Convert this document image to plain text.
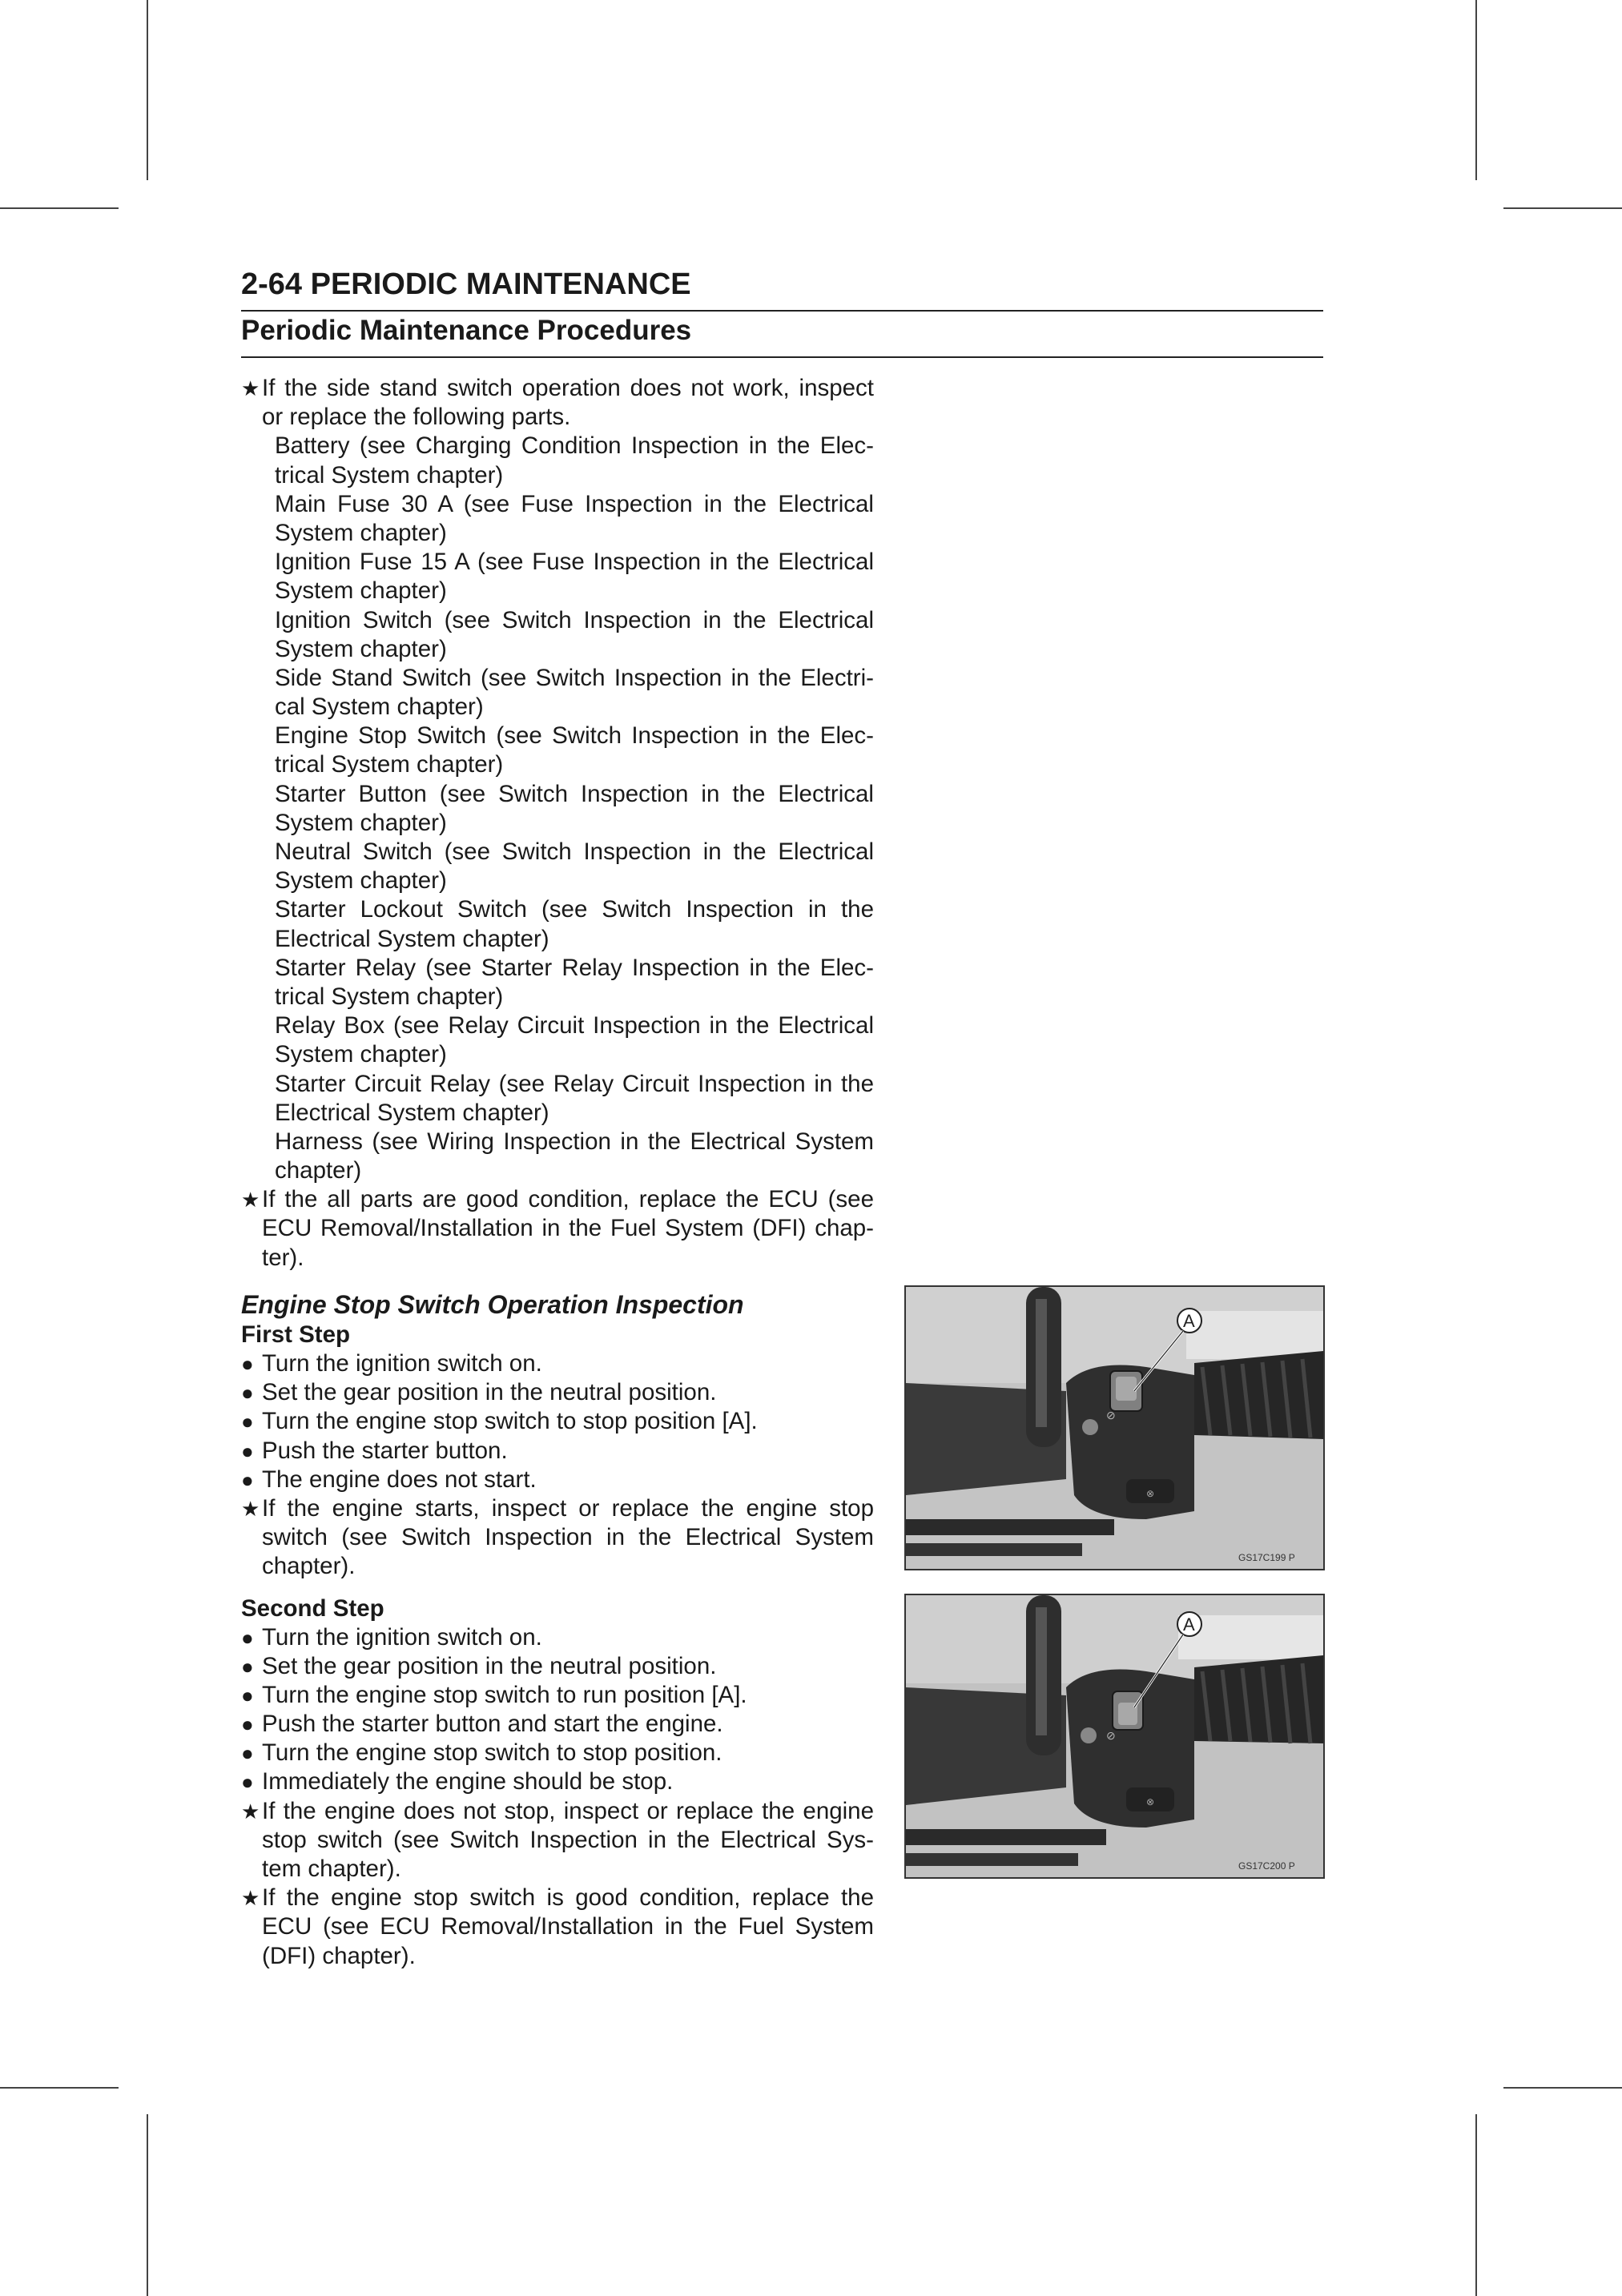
2-64 PERIODIC MAINTENANCE
Periodic Maintenance Procedures
★ If the side stand switch operation does not work, inspect
or replace the following parts.
Battery (see Charging Condition Inspection in the Elec-
trical System chapter)
Main Fuse 30 A (see Fuse Inspection in the Electrical
System chapter)
Ignition Fuse 15 A (see Fuse Inspection in the Electrical
System chapter)
Ignition Switch (see Switch Inspection in the Electrical
System chapter)
Side Stand Switch (see Switch Inspection in the Electri-
cal System chapter)
Engine Stop Switch (see Switch Inspection in the Elec-
trical System chapter)
Starter Button (see Switch Inspection in the Electrical
System chapter)
Neutral Switch (see Switch Inspection in the Electrical
System chapter)
Starter Lockout Switch (see Switch Inspection in the
Electrical System chapter)
Starter Relay (see Starter Relay Inspection in the Elec-
trical System chapter)
Relay Box (see Relay Circuit Inspection in the Electrical
System chapter)
Starter Circuit Relay (see Relay Circuit Inspection in the
Electrical System chapter)
Harness (see Wiring Inspection in the Electrical System
chapter)
★ If the all parts are good condition, replace the ECU (see
ECU Removal/Installation in the Fuel System (DFI) chap-
ter).
Engine Stop Switch Operation Inspection
First Step
● Turn the ignition switch on.
● Set the gear position in the neutral position.
● Turn the engine stop switch to stop position [A].
● Push the starter button.
● The engine does not start.
★ If the engine starts, inspect or replace the engine stop
switch (see Switch Inspection in the Electrical System
chapter).
Second Step
● Turn the ignition switch on.
● Set the gear position in the neutral position.
● Turn the engine stop switch to run position [A].
● Push the starter button and start the engine.
● Turn the engine stop switch to stop position.
● Immediately the engine should be stop.
★ If the engine does not stop, inspect or replace the engine
stop switch (see Switch Inspection in the Electrical Sys-
tem chapter).
★ If the engine stop switch is good condition, replace the
ECU (see ECU Removal/Installation in the Fuel System
(DFI) chapter).
⊘
⊗
A
GS17C199 P
⊘
⊗
A
GS17C200 P
